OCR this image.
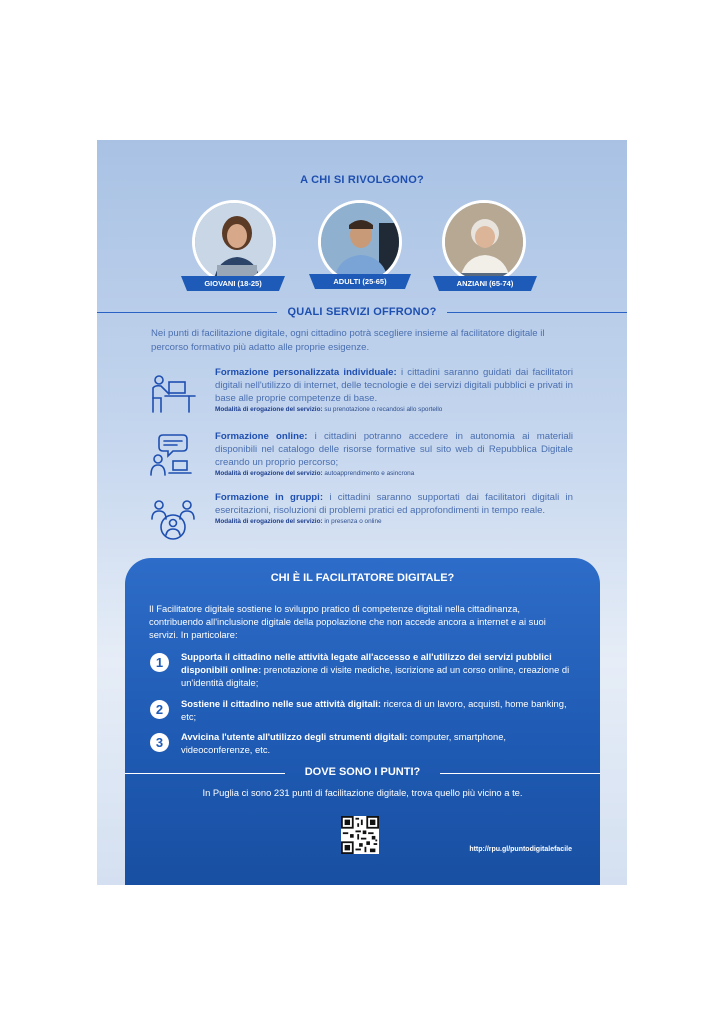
A CHI SI RIVOLGONO?
GIOVANI (18-25)	ADULTI (25-65)	ANZIANI (65-74)
QUALI SERVIZI OFFRONO?
Nei punti di facilitazione digitale, ogni cittadino potrà scegliere insieme al facilitatore digitale il percorso formativo più adatto alle proprie esigenze.
Formazione personalizzata individuale: i cittadini saranno guidati dai facilitatori digitali nell'utilizzo di internet, delle tecnologie e dei servizi digitali pubblici e privati in base alle proprie competenze di base.
Modalità di erogazione del servizio: su prenotazione o recandosi allo sportello
Formazione online: i cittadini potranno accedere in autonomia ai materiali disponibili nel catalogo delle risorse formative sul sito web di Repubblica Digitale creando un proprio percorso;
Modalità di erogazione del servizio: autoapprendimento e asincrona
Formazione in gruppi: i cittadini saranno supportati dai facilitatori digitali in esercitazioni, risoluzioni di problemi pratici ed approfondimenti in tempo reale.
Modalità di erogazione del servizio: in presenza o online
CHI È IL FACILITATORE DIGITALE?
Il Facilitatore digitale sostiene lo sviluppo pratico di competenze digitali nella cittadinanza, contribuendo all'inclusione digitale della popolazione che non accede ancora a internet e ai suoi servizi. In particolare:
1	Supporta il cittadino nelle attività legate all'accesso e all'utilizzo dei servizi pubblici disponibili online: prenotazione di visite mediche, iscrizione ad un corso online, creazione di un'identità digitale;
2	Sostiene il cittadino nelle sue attività digitali: ricerca di un lavoro, acquisti, home banking, etc;
3	Avvicina l'utente all'utilizzo degli strumenti digitali: computer, smartphone, videoconferenze, etc.
DOVE SONO I PUNTI?
In Puglia ci sono 231 punti di facilitazione digitale, trova quello più vicino a te.
http://rpu.gl/puntodigitalefacile
